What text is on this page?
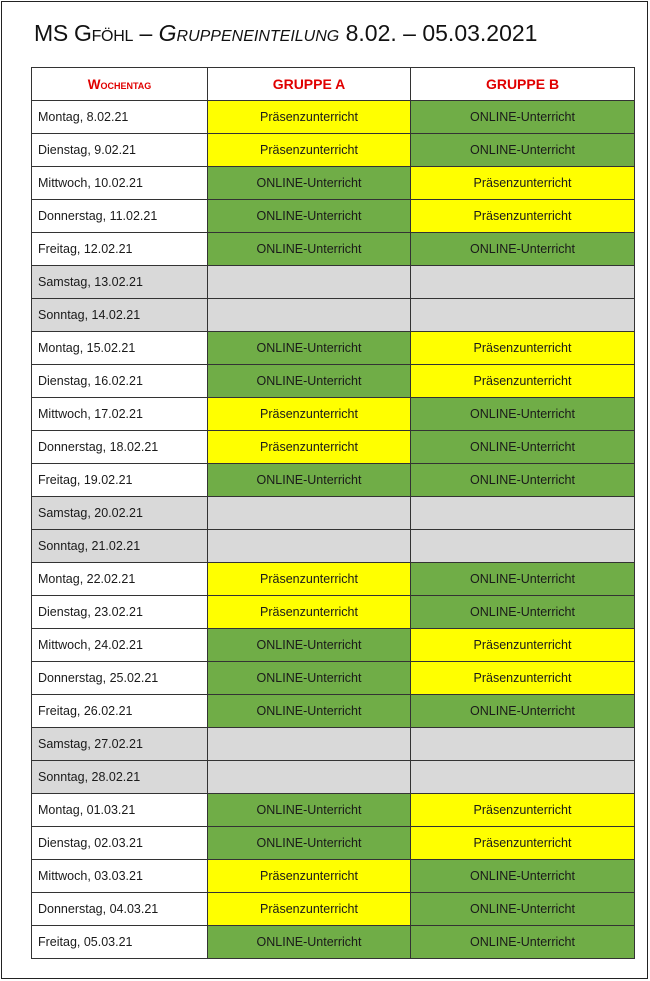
MS Gföhl – Gruppeneinteilung 8.02. – 05.03.2021
Wochentag	GRUPPE A	GRUPPE B
Montag, 8.02.21	Präsenzunterricht	ONLINE-Unterricht
Dienstag, 9.02.21	Präsenzunterricht	ONLINE-Unterricht
Mittwoch, 10.02.21	ONLINE-Unterricht	Präsenzunterricht
Donnerstag, 11.02.21	ONLINE-Unterricht	Präsenzunterricht
Freitag, 12.02.21	ONLINE-Unterricht	ONLINE-Unterricht
Samstag, 13.02.21		
Sonntag, 14.02.21		
Montag, 15.02.21	ONLINE-Unterricht	Präsenzunterricht
Dienstag, 16.02.21	ONLINE-Unterricht	Präsenzunterricht
Mittwoch, 17.02.21	Präsenzunterricht	ONLINE-Unterricht
Donnerstag, 18.02.21	Präsenzunterricht	ONLINE-Unterricht
Freitag, 19.02.21	ONLINE-Unterricht	ONLINE-Unterricht
Samstag, 20.02.21		
Sonntag, 21.02.21		
Montag, 22.02.21	Präsenzunterricht	ONLINE-Unterricht
Dienstag, 23.02.21	Präsenzunterricht	ONLINE-Unterricht
Mittwoch, 24.02.21	ONLINE-Unterricht	Präsenzunterricht
Donnerstag, 25.02.21	ONLINE-Unterricht	Präsenzunterricht
Freitag, 26.02.21	ONLINE-Unterricht	ONLINE-Unterricht
Samstag, 27.02.21		
Sonntag, 28.02.21		
Montag, 01.03.21	ONLINE-Unterricht	Präsenzunterricht
Dienstag, 02.03.21	ONLINE-Unterricht	Präsenzunterricht
Mittwoch, 03.03.21	Präsenzunterricht	ONLINE-Unterricht
Donnerstag, 04.03.21	Präsenzunterricht	ONLINE-Unterricht
Freitag, 05.03.21	ONLINE-Unterricht	ONLINE-Unterricht
